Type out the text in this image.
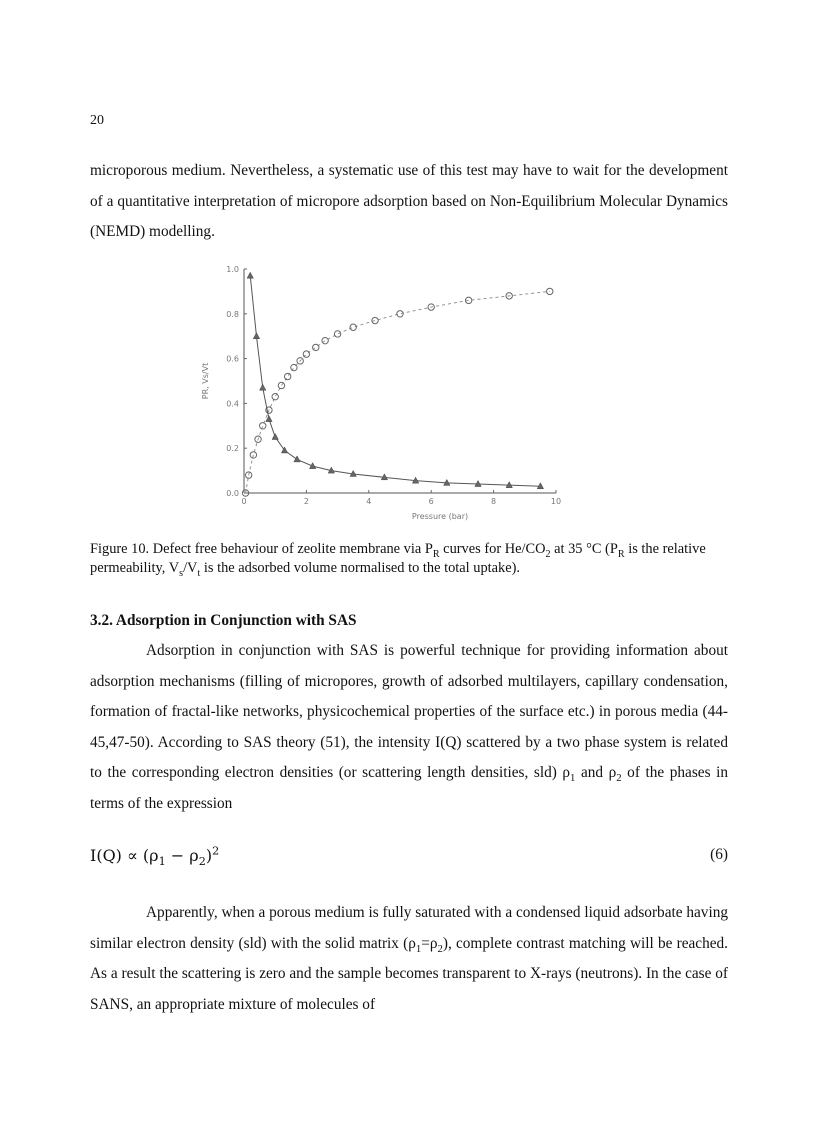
20
microporous medium. Nevertheless, a systematic use of this test may have to wait for the development of a quantitative interpretation of micropore adsorption based on Non-Equilibrium Molecular Dynamics (NEMD) modelling.
0	2	4	6	8	10
0.0
0.2
0.4
0.6
0.8
1.0
Pressure (bar)
PR, Vs/Vt
Figure 10. Defect free behaviour of zeolite membrane via $P_R$ curves for $He/CO_2$ at 35 °C ($P_R$ is the relative permeability, $V_s/V_t$ is the adsorbed volume normalised to the total uptake).
3.2. Adsorption in Conjunction with SAS
Adsorption in conjunction with SAS is powerful technique for providing information about adsorption mechanisms (filling of micropores, growth of adsorbed multilayers, capillary condensation, formation of fractal-like networks, physicochemical properties of the surface etc.) in porous media (44-45,47-50). According to SAS theory (51), the intensity I(Q) scattered by a two phase system is related to the corresponding electron densities (or scattering length densities, sld) $\rho_1$ and $\rho_2$ of the phases in terms of the expression
$I(Q) \propto (\rho_1 - \rho_2)^2$	(6)
Apparently, when a porous medium is fully saturated with a condensed liquid adsorbate having similar electron density (sld) with the solid matrix $(\rho_1=\rho_2)$, complete contrast matching will be reached. As a result the scattering is zero and the sample becomes transparent to X-rays (neutrons). In the case of SANS, an appropriate mixture of molecules of
